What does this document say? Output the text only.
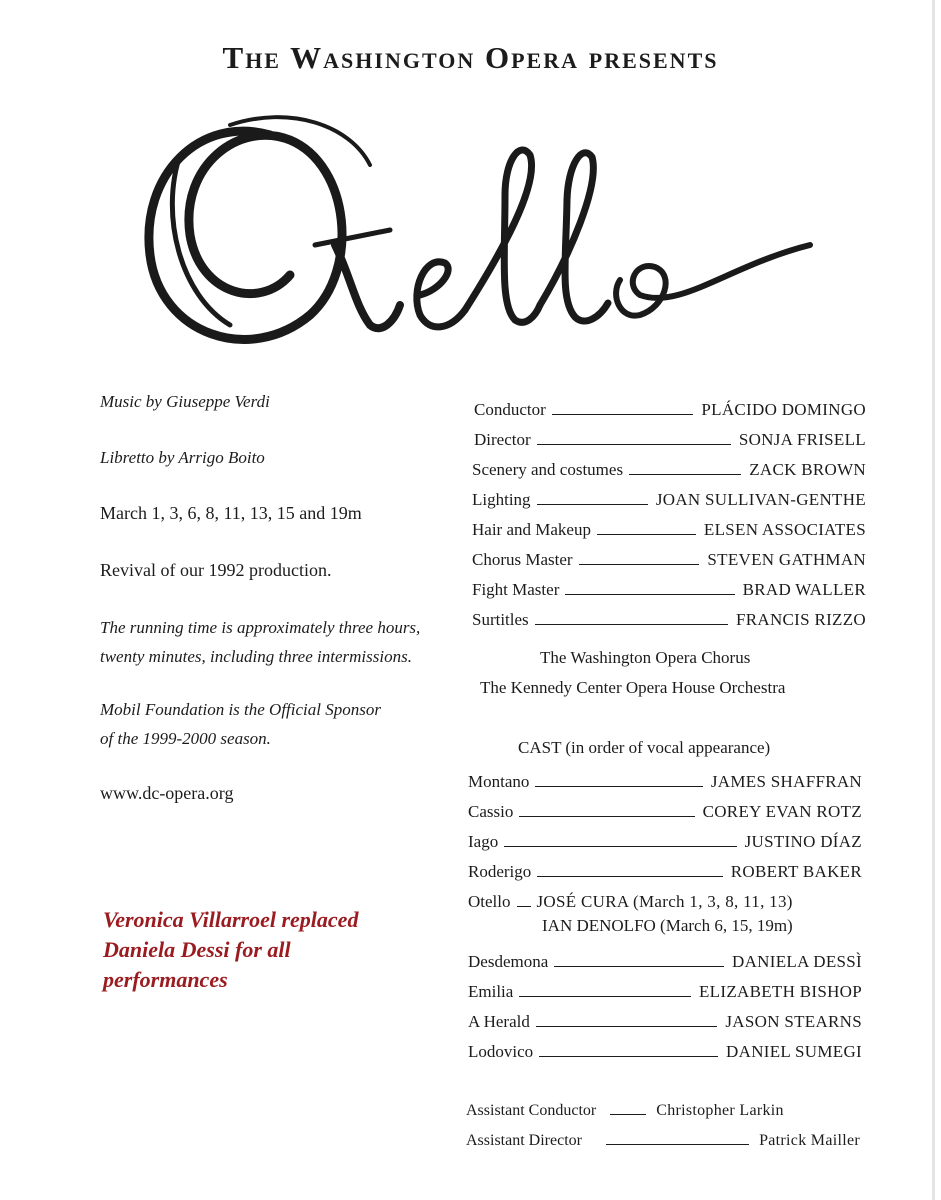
The Washington Opera presents
Music by Giuseppe Verdi
Libretto by Arrigo Boito
March 1, 3, 6, 8, 11, 13, 15 and 19m
Revival of our 1992 production.
The running time is approximately three hours,
twenty minutes, including three intermissions.
Mobil Foundation is the Official Sponsor
of the 1999-2000 season.
www.dc-opera.org
Veronica Villarroel replaced
Daniela Dessi for all
performances
Conductor	PLÁCIDO DOMINGO
Director	SONJA FRISELL
Scenery and costumes	ZACK BROWN
Lighting	JOAN SULLIVAN-GENTHE
Hair and Makeup	ELSEN ASSOCIATES
Chorus Master	STEVEN GATHMAN
Fight Master	BRAD WALLER
Surtitles	FRANCIS RIZZO
The Washington Opera Chorus
The Kennedy Center Opera House Orchestra
CAST (in order of vocal appearance)
Montano	JAMES SHAFFRAN
Cassio	COREY EVAN ROTZ
Iago	JUSTINO DÍAZ
Roderigo	ROBERT BAKER
Otello JOSÉ CURA (March 1, 3, 8, 11, 13)
IAN DENOLFO (March 6, 15, 19m)
Desdemona	DANIELA DESSÌ
Emilia	ELIZABETH BISHOP
A Herald	JASON STEARNS
Lodovico	DANIEL SUMEGI
Assistant Conductor	Christopher Larkin
Assistant Director	Patrick Mailler
